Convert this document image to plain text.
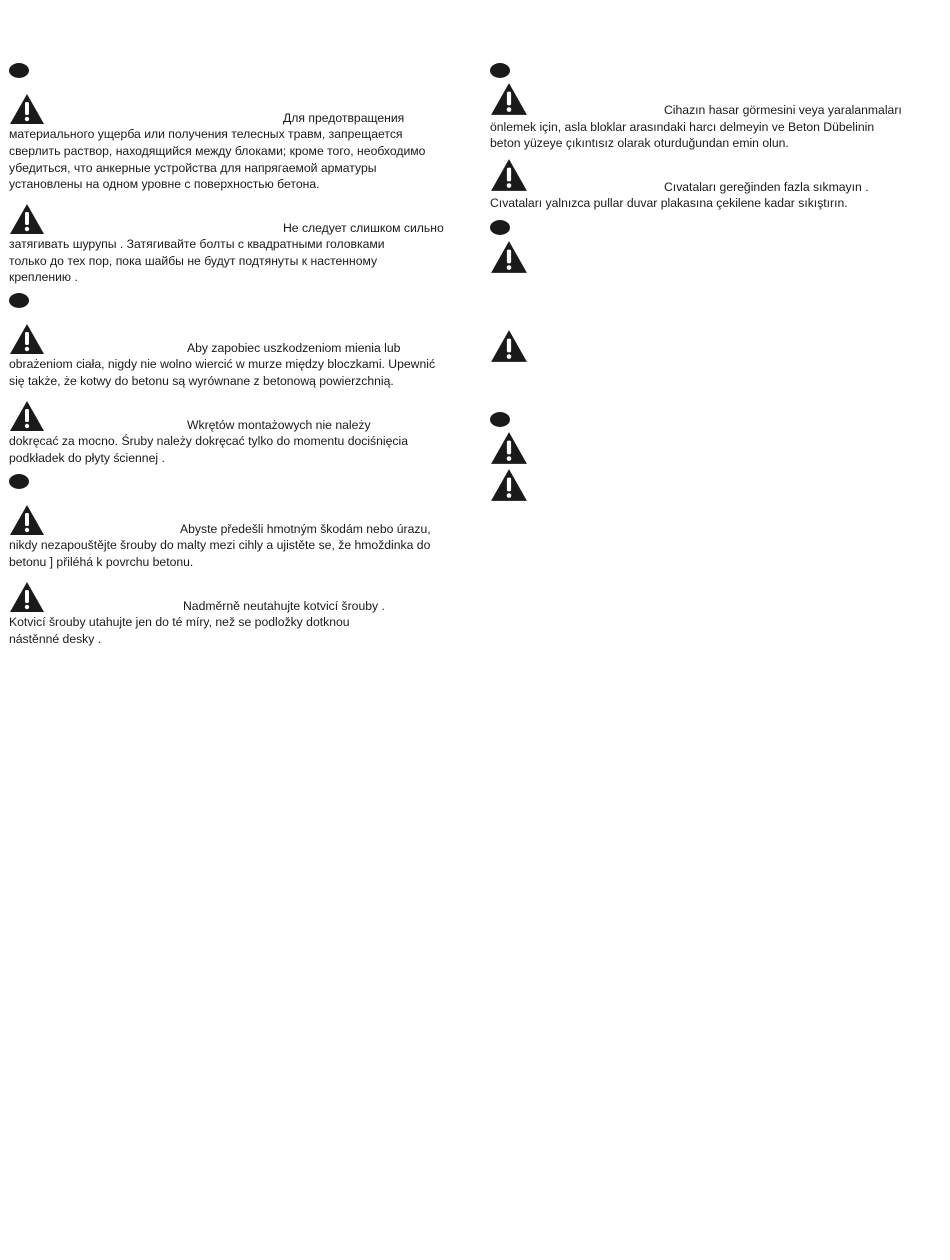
Для предотвращения
материального ущерба или получения телесных травм, запрещается
сверлить раствор, находящийся между блоками; кроме того, необходимо
убедиться, что анкерные устройства для напрягаемой арматуры
установлены на одном уровне с поверхностью бетона.
Не следует слишком сильно
затягивать шурупы . Затягивайте болты с квадратными головками
только до тех пор, пока шайбы не будут подтянуты к настенному
креплению .
Aby zapobiec uszkodzeniom mienia lub
obrażeniom ciała, nigdy nie wolno wiercić w murze między bloczkami. Upewnić
się także, że kotwy do betonu są wyrównane z betonową powierzchnią.
Wkrętów montażowych nie należy
dokręcać za mocno. Śruby należy dokręcać tylko do momentu dociśnięcia
podkładek do płyty ściennej .
Abyste předešli hmotným škodám nebo úrazu,
nikdy nezapouštějte šrouby do malty mezi cihly a ujistěte se, že hmoždinka do
betonu ] přiléhá k povrchu betonu.
Nadměrně neutahujte kotvicí šrouby .
Kotvicí šrouby utahujte jen do té míry, než se podložky dotknou
nástěnné desky .
Cihazın hasar görmesini veya yaralanmaları
önlemek için, asla bloklar arasındaki harcı delmeyin ve Beton Dübelinin
beton yüzeye çıkıntısız olarak oturduğundan emin olun.
Cıvataları gereğinden fazla sıkmayın .
Cıvataları yalnızca pullar duvar plakasına çekilene kadar sıkıştırın.
